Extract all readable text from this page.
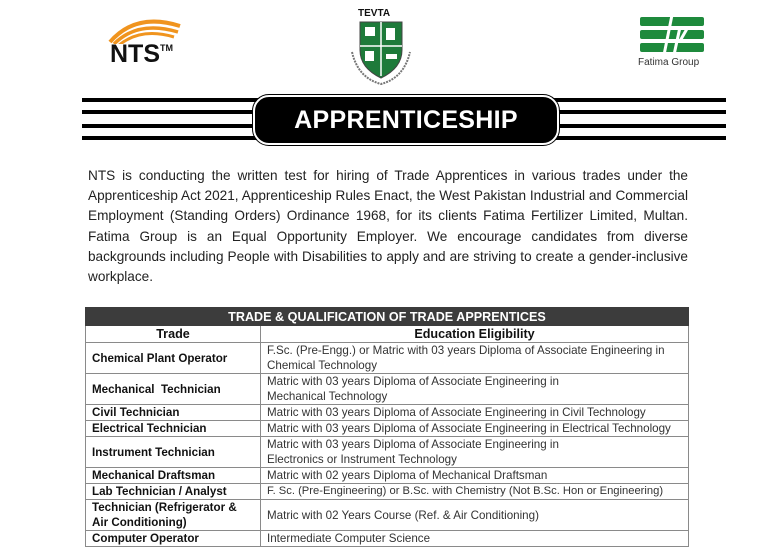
NTS™
TEVTA
Fatima Group
APPRENTICESHIP

NTS is conducting the written test for hiring of Trade Apprentices in various trades under the Apprenticeship Act 2021, Apprenticeship Rules Enact, the West Pakistan Industrial and Commercial Employment (Standing Orders) Ordinance 1968, for its clients Fatima Fertilizer Limited, Multan. Fatima Group is an Equal Opportunity Employer. We encourage candidates from diverse backgrounds including People with Disabilities to apply and are striving to create a gender-inclusive workplace.

TRADE & QUALIFICATION OF TRADE APPRENTICES	
Trade	Education Eligibility
Chemical Plant Operator	F.Sc. (Pre-Engg.) or Matric with 03 years Diploma of Associate Engineering in Chemical Technology
Mechanical  Technician	Matric with 03 years Diploma of Associate Engineering in Mechanical Technology
Civil Technician	Matric with 03 years Diploma of Associate Engineering in Civil Technology
Electrical Technician	Matric with 03 years Diploma of Associate Engineering in Electrical Technology
Instrument Technician	Matric with 03 years Diploma of Associate Engineering in Electronics or Instrument Technology
Mechanical Draftsman	Matric with 02 years Diploma of Mechanical Draftsman
Lab Technician / Analyst	F. Sc. (Pre-Engineering) or B.Sc. with Chemistry (Not B.Sc. Hon or Engineering)
Technician (Refrigerator & Air Conditioning)	Matric with 02 Years Course (Ref. & Air Conditioning)
Computer Operator	Intermediate Computer Science
